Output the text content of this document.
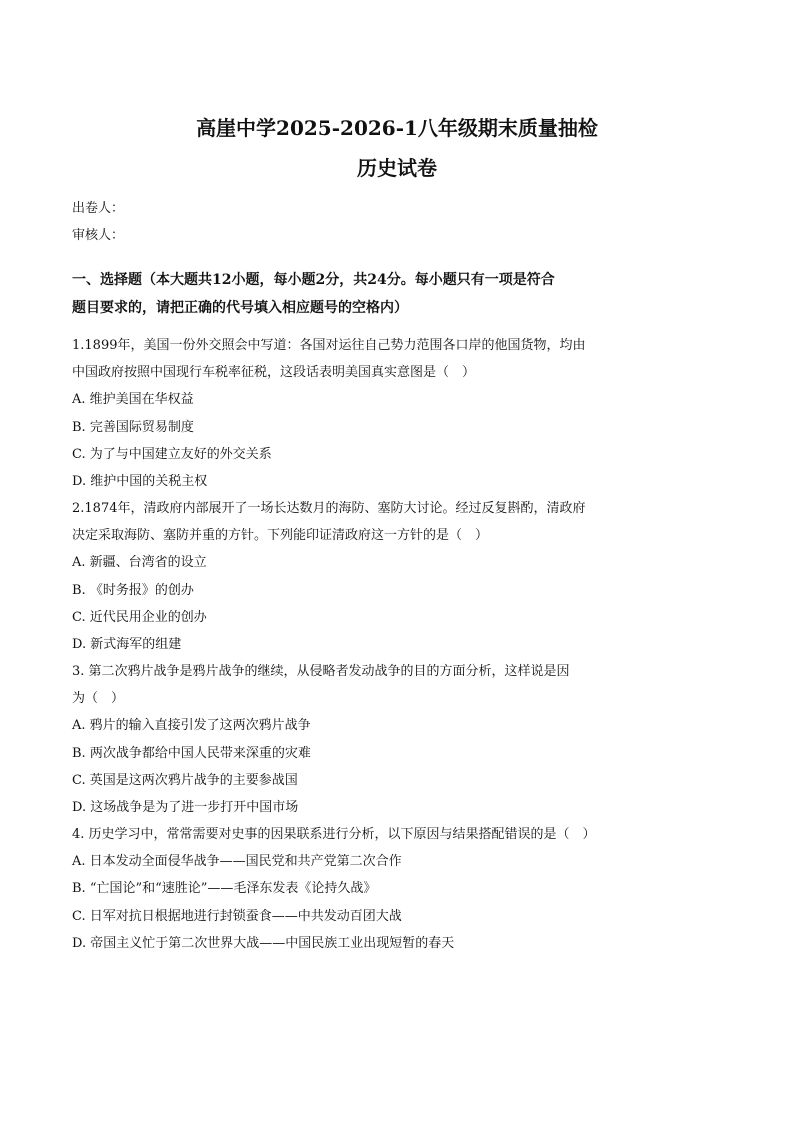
高崖中学2025-2026-1八年级期末质量抽检
历史试卷
出卷人：
审核人：
一、选择题（本大题共12小题，每小题2分，共24分。每小题只有一项是符合
题目要求的，请把正确的代号填入相应题号的空格内）
1.1899年，美国一份外交照会中写道：各国对运往自己势力范围各口岸的他国货物，均由
中国政府按照中国现行车税率征税，这段话表明美国真实意图是（　）
A. 维护美国在华权益
B. 完善国际贸易制度
C. 为了与中国建立友好的外交关系
D. 维护中国的关税主权
2.1874年，清政府内部展开了一场长达数月的海防、塞防大讨论。经过反复斟酌，清政府
决定采取海防、塞防并重的方针。下列能印证清政府这一方针的是（　）
A. 新疆、台湾省的设立
B. 《时务报》的创办
C. 近代民用企业的创办
D. 新式海军的组建
3. 第二次鸦片战争是鸦片战争的继续，从侵略者发动战争的目的方面分析，这样说是因
为（　）
A. 鸦片的输入直接引发了这两次鸦片战争
B. 两次战争都给中国人民带来深重的灾难
C. 英国是这两次鸦片战争的主要参战国
D. 这场战争是为了进一步打开中国市场
4. 历史学习中，常常需要对史事的因果联系进行分析，以下原因与结果搭配错误的是（　）
A. 日本发动全面侵华战争——国民党和共产党第二次合作
B. “亡国论”和“速胜论”——毛泽东发表《论持久战》
C. 日军对抗日根据地进行封锁蚕食——中共发动百团大战
D. 帝国主义忙于第二次世界大战——中国民族工业出现短暂的春天
